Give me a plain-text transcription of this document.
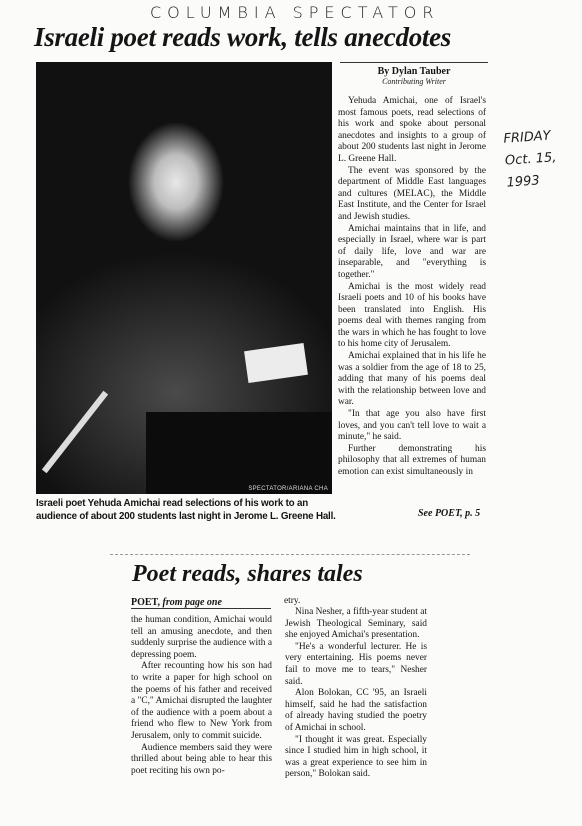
COLUMBIA SPECTATOR
FRIDAY
Oct. 15, 1993
Israeli poet reads work, tells anecdotes
SPECTATOR/ARIANA CHA
Israeli poet Yehuda Amichai read selections of his work to an audience of about 200 students last night in Jerome L. Greene Hall.
By Dylan Tauber
Contributing Writer

Yehuda Amichai, one of Israel's most famous poets, read selections of his work and spoke about personal anecdotes and insights to a group of about 200 students last night in Jerome L. Greene Hall.

The event was sponsored by the department of Middle East languages and cultures (MELAC), the Middle East Institute, and the Center for Israel and Jewish studies.

Amichai maintains that in life, and especially in Israel, where war is part of daily life, love and war are inseparable, and "everything is together."

Amichai is the most widely read Israeli poets and 10 of his books have been translated into English. His poems deal with themes ranging from the wars in which he has fought to love to his home city of Jerusalem.

Amichai explained that in his life he was a soldier from the age of 18 to 25, adding that many of his poems deal with the relationship between love and war.

"In that age you also have first loves, and you can't tell love to wait a minute," he said.

Further demonstrating his philosophy that all extremes of human emotion can exist simultaneously in

See POET, p. 5
Poet reads, shares tales
POET, from page one

the human condition, Amichai would tell an amusing anecdote, and then suddenly surprise the audience with a depressing poem.

After recounting how his son had to write a paper for high school on the poems of his father and received a "C," Amichai disrupted the laughter of the audience with a poem about a friend who flew to New York from Jerusalem, only to commit suicide.

Audience members said they were thrilled about being able to hear this poet reciting his own po-

etry.

Nina Nesher, a fifth-year student at Jewish Theological Seminary, said she enjoyed Amichai's presentation.

"He's a wonderful lecturer. He is very entertaining. His poems never fail to move me to tears," Nesher said.

Alon Bolokan, CC '95, an Israeli himself, said he had the satisfaction of already having studied the poetry of Amichai in school.

"I thought it was great. Especially since I studied him in high school, it was a great experience to see him in person," Bolokan said.
